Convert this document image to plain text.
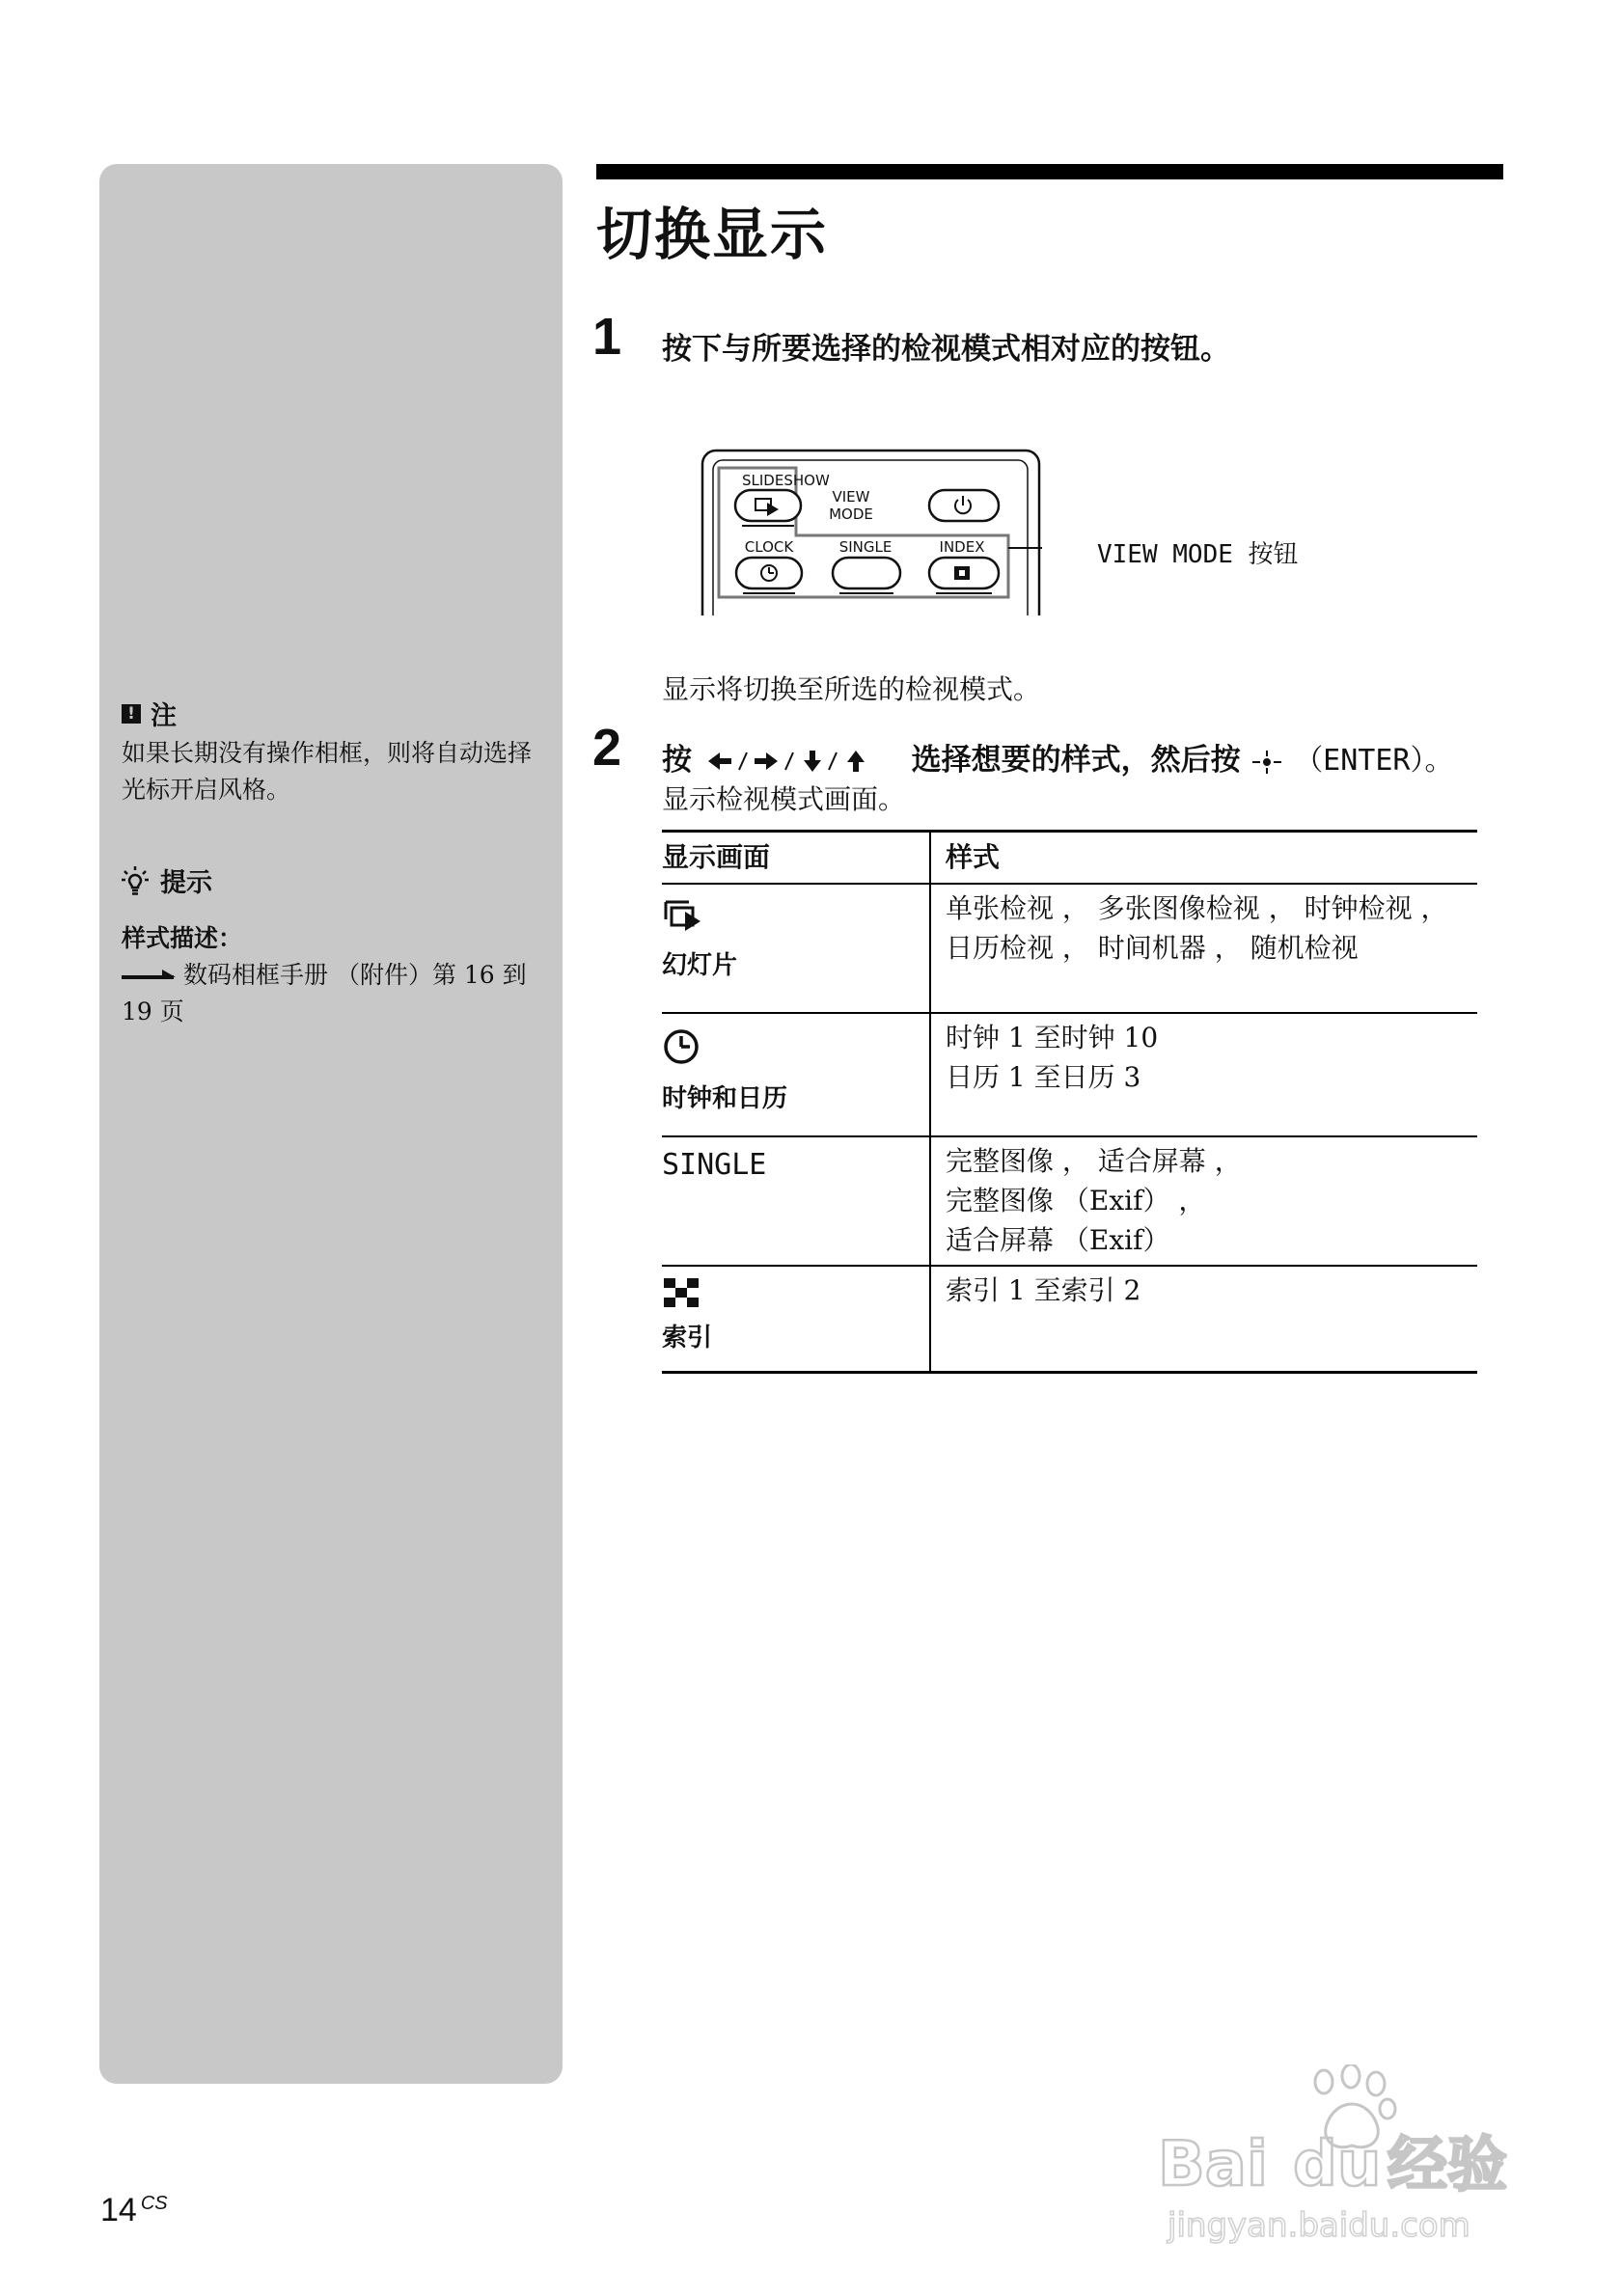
! 注
如果长期没有操作相框，则将自动选择光标开启风格。
提示
样式描述：
数码相框手册 （附件）第 16 到 19 页
切换显示
1 按下与所要选择的检视模式相对应的按钮。
SLIDESHOW
VIEW
MODE
CLOCK	SINGLE	INDEX	VIEW MODE 按钮
显示将切换至所选的检视模式。
2 按	选择想要的样式，然后按 （ENTER）。
显示检视模式画面。
显示画面	样式

幻灯片	单张检视 ， 多张图像检视 ， 时钟检视 ， 日历检视 ， 时间机器 ， 随机检视

时钟和日历	时钟 1 至时钟 10
日历 1 至日历 3

SINGLE	完整图像 ， 适合屏幕 ，
完整图像 （Exif） ，
适合屏幕 （Exif）

索引	索引 1 至索引 2
14 $^{CS}$
Bai du 经验
jingyan.baidu.com
